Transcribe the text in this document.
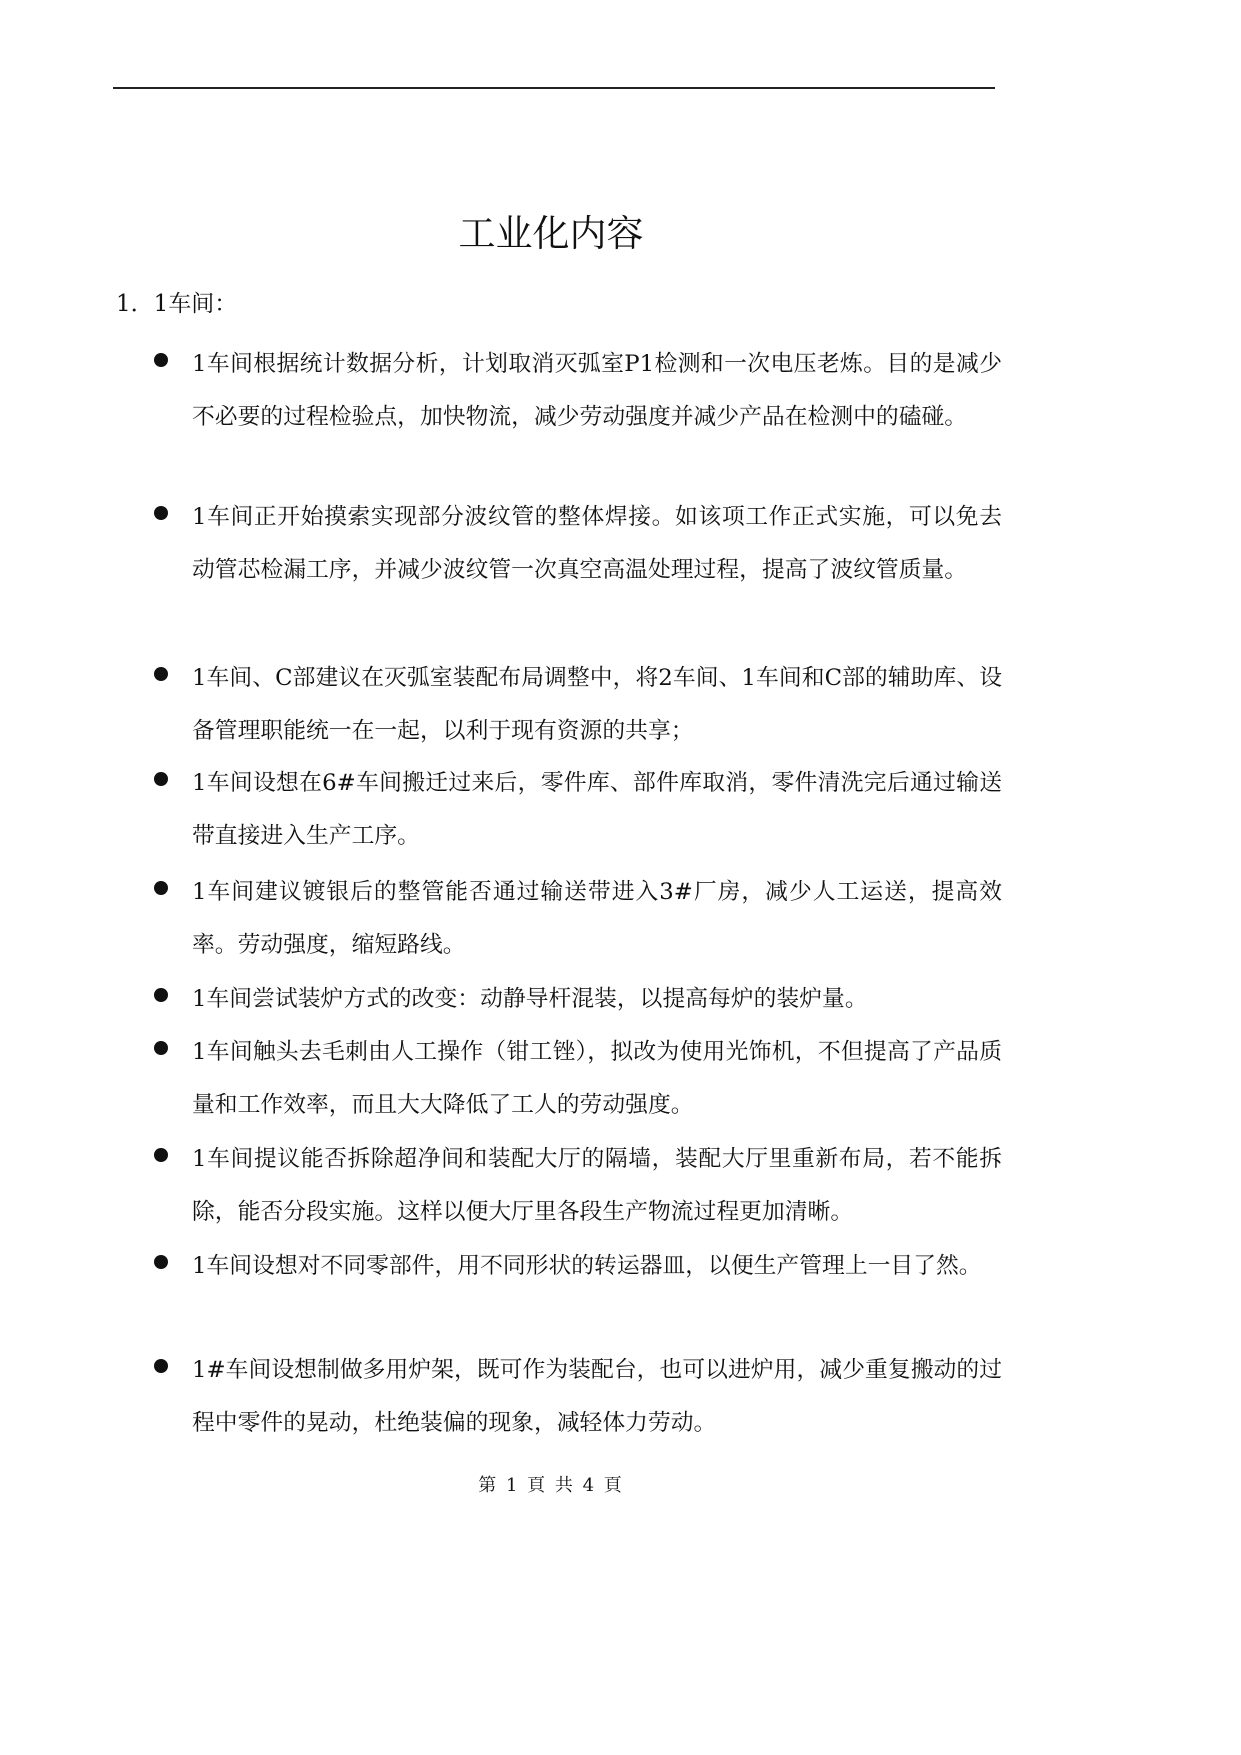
工业化内容
1．1车间：

1车间根据统计数据分析，计划取消灭弧室P1检测和一次电压老炼。目的是减少不必要的过程检验点，加快物流，减少劳动强度并减少产品在检测中的磕碰。

1车间正开始摸索实现部分波纹管的整体焊接。如该项工作正式实施，可以免去动管芯检漏工序，并减少波纹管一次真空高温处理过程，提高了波纹管质量。

1车间、C部建议在灭弧室装配布局调整中，将2车间、1车间和C部的辅助库、设备管理职能统一在一起，以利于现有资源的共享；

1车间设想在6#车间搬迁过来后，零件库、部件库取消，零件清洗完后通过输送带直接进入生产工序。

1车间建议镀银后的整管能否通过输送带进入3#厂房，减少人工运送，提高效率。劳动强度，缩短路线。

1车间尝试装炉方式的改变：动静导杆混装，以提高每炉的装炉量。

1车间触头去毛刺由人工操作（钳工锉），拟改为使用光饰机，不但提高了产品质量和工作效率，而且大大降低了工人的劳动强度。

1车间提议能否拆除超净间和装配大厅的隔墙，装配大厅里重新布局，若不能拆除，能否分段实施。这样以便大厅里各段生产物流过程更加清晰。

1车间设想对不同零部件，用不同形状的转运器皿，以便生产管理上一目了然。

1#车间设想制做多用炉架，既可作为装配台，也可以进炉用，减少重复搬动的过程中零件的晃动，杜绝装偏的现象，减轻体力劳动。

第 1 頁 共 4 頁
